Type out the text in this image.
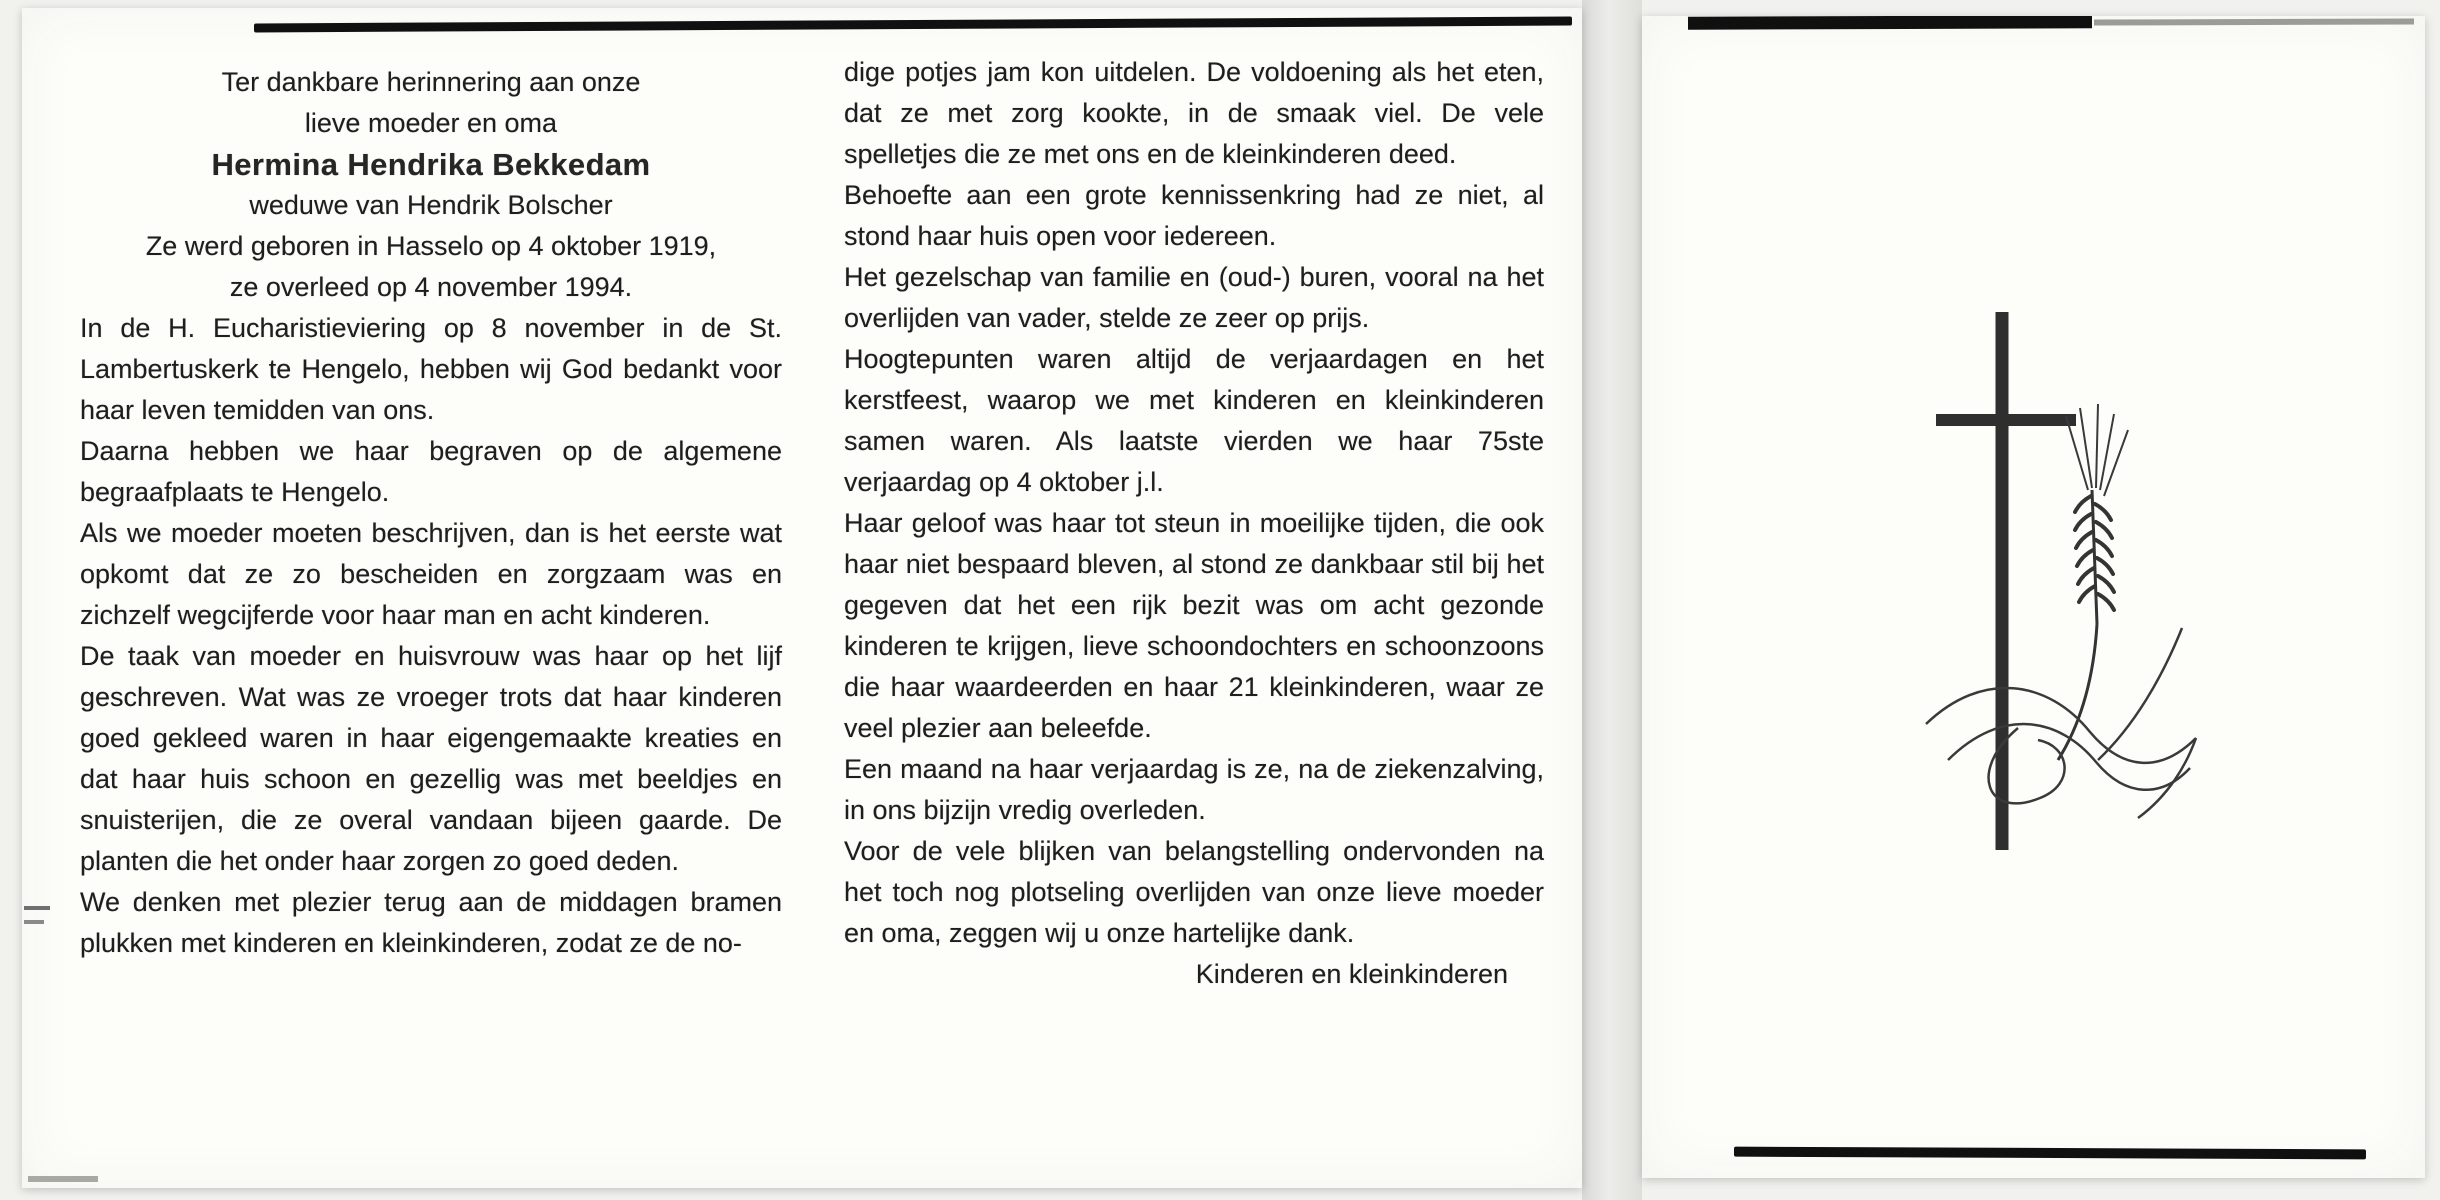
Ter dankbare herinnering aan onze

lieve moeder en oma

Hermina Hendrika Bekkedam

weduwe van Hendrik Bolscher

Ze werd geboren in Hasselo op 4 oktober 1919,

ze overleed op 4 november 1994.

In de H. Eucharistieviering op 8 november in de St. Lambertuskerk te Hengelo, hebben wij God bedankt voor haar leven temidden van ons.

Daarna hebben we haar begraven op de algemene begraafplaats te Hengelo.

Als we moeder moeten beschrijven, dan is het eerste wat opkomt dat ze zo bescheiden en zorgzaam was en zichzelf wegcijferde voor haar man en acht kinderen.

De taak van moeder en huisvrouw was haar op het lijf geschreven. Wat was ze vroeger trots dat haar kinderen goed gekleed waren in haar eigengemaakte kreaties en dat haar huis schoon en gezellig was met beeldjes en snuisterijen, die ze overal vandaan bijeen gaarde. De planten die het onder haar zorgen zo goed deden.

We denken met plezier terug aan de middagen bramen plukken met kinderen en kleinkinderen, zodat ze de no-

dige potjes jam kon uitdelen. De voldoening als het eten, dat ze met zorg kookte, in de smaak viel. De vele spelletjes die ze met ons en de kleinkinderen deed.

Behoefte aan een grote kennissenkring had ze niet, al stond haar huis open voor iedereen.

Het gezelschap van familie en (oud-) buren, vooral na het overlijden van vader, stelde ze zeer op prijs.

Hoogtepunten waren altijd de verjaardagen en het kerstfeest, waarop we met kinderen en kleinkinderen samen waren. Als laatste vierden we haar 75ste verjaardag op 4 oktober j.l.

Haar geloof was haar tot steun in moeilijke tijden, die ook haar niet bespaard bleven, al stond ze dankbaar stil bij het gegeven dat het een rijk bezit was om acht gezonde kinderen te krijgen, lieve schoondochters en schoonzoons die haar waardeerden en haar 21 kleinkinderen, waar ze veel plezier aan beleefde.

Een maand na haar verjaardag is ze, na de ziekenzalving, in ons bijzijn vredig overleden.

Voor de vele blijken van belangstelling ondervonden na het toch nog plotseling overlijden van onze lieve moeder en oma, zeggen wij u onze hartelijke dank.

Kinderen en kleinkinderen
